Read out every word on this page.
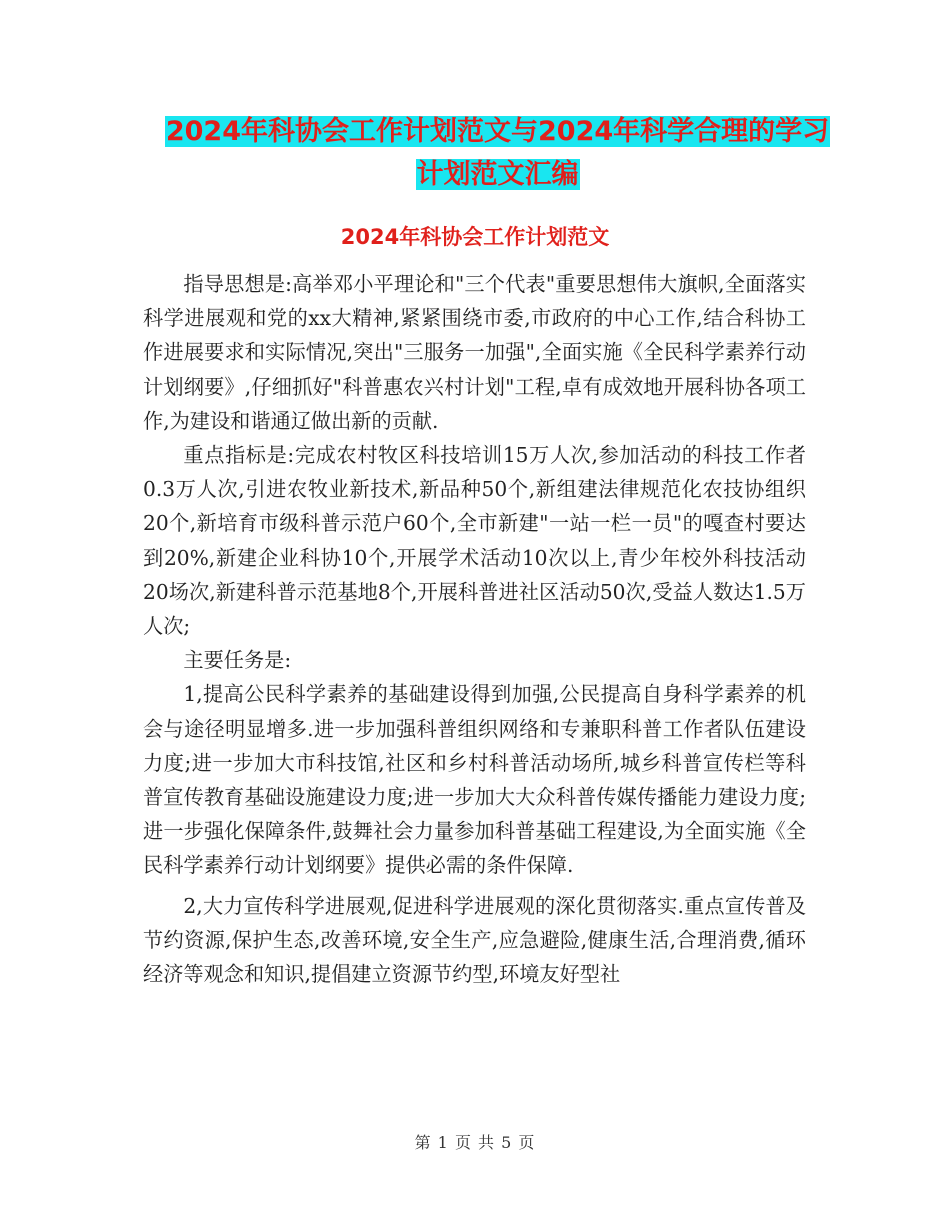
2024年科协会工作计划范文与2024年科学合理的学习
计划范文汇编
2024年科协会工作计划范文

指导思想是:高举邓小平理论和"三个代表"重要思想伟大旗帜,全面落实科学进展观和党的xx大精神,紧紧围绕市委,市政府的中心工作,结合科协工作进展要求和实际情况,突出"三服务一加强",全面实施《全民科学素养行动计划纲要》,仔细抓好"科普惠农兴村计划"工程,卓有成效地开展科协各项工作,为建设和谐通辽做出新的贡献.

重点指标是:完成农村牧区科技培训15万人次,参加活动的科技工作者0.3万人次,引进农牧业新技术,新品种50个,新组建法律规范化农技协组织20个,新培育市级科普示范户60个,全市新建"一站一栏一员"的嘎查村要达到20%,新建企业科协10个,开展学术活动10次以上,青少年校外科技活动20场次,新建科普示范基地8个,开展科普进社区活动50次,受益人数达1.5万人次;

主要任务是:

1,提高公民科学素养的基础建设得到加强,公民提高自身科学素养的机会与途径明显增多.进一步加强科普组织网络和专兼职科普工作者队伍建设力度;进一步加大市科技馆,社区和乡村科普活动场所,城乡科普宣传栏等科普宣传教育基础设施建设力度;进一步加大大众科普传媒传播能力建设力度;进一步强化保障条件,鼓舞社会力量参加科普基础工程建设,为全面实施《全民科学素养行动计划纲要》提供必需的条件保障.

2,大力宣传科学进展观,促进科学进展观的深化贯彻落实.重点宣传普及节约资源,保护生态,改善环境,安全生产,应急避险,健康生活,合理消费,循环经济等观念和知识,提倡建立资源节约型,环境友好型社

第 1 页 共 5 页
